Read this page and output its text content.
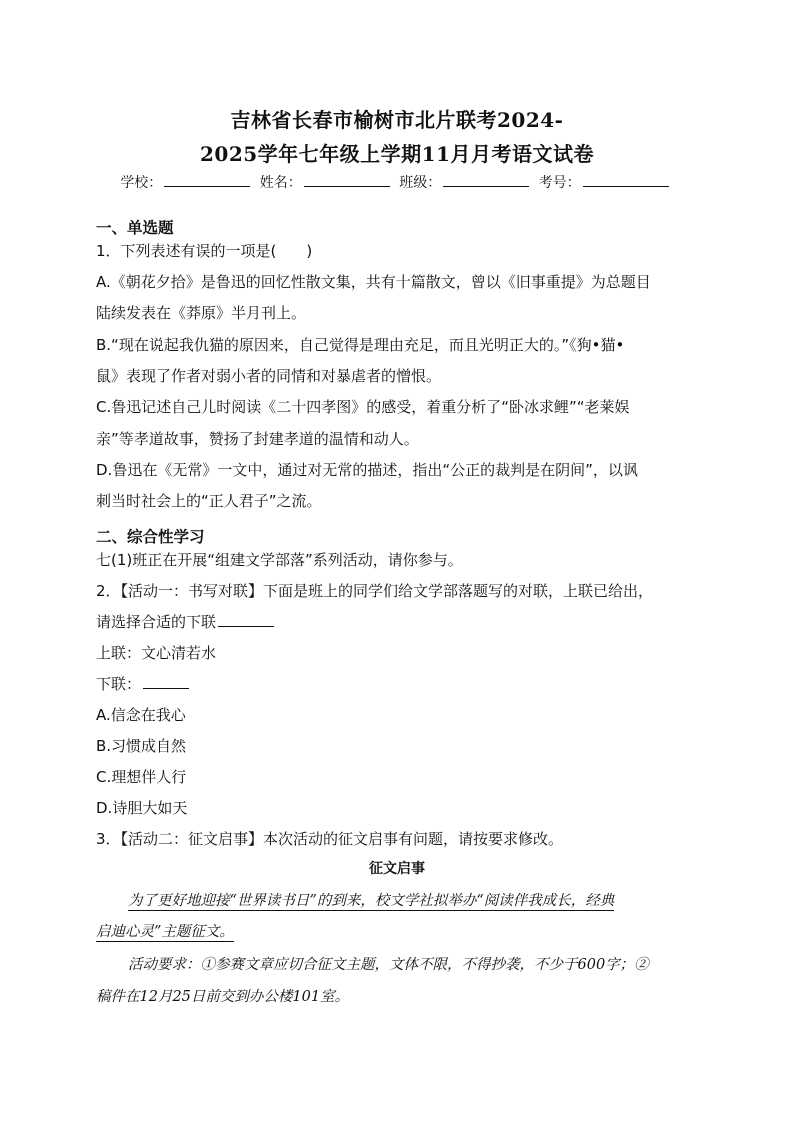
吉林省长春市榆树市北片联考2024-
2025学年七年级上学期11月月考语文试卷
学校：	姓名：	班级：	考号：
一、单选题
1．下列表述有误的一项是(　　)
A.《朝花夕拾》是鲁迅的回忆性散文集，共有十篇散文，曾以《旧事重提》为总题目
陆续发表在《莽原》半月刊上。
B.“现在说起我仇猫的原因来，自己觉得是理由充足，而且光明正大的。”《狗•猫•
鼠》表现了作者对弱小者的同情和对暴虐者的憎恨。
C.鲁迅记述自己儿时阅读《二十四孝图》的感受，着重分析了“卧冰求鲤”“老莱娱
亲”等孝道故事，赞扬了封建孝道的温情和动人。
D.鲁迅在《无常》一文中，通过对无常的描述，指出“公正的裁判是在阴间”，以讽
刺当时社会上的“正人君子”之流。
二、综合性学习
七(1)班正在开展“组建文学部落”系列活动，请你参与。
2．【活动一：书写对联】下面是班上的同学们给文学部落题写的对联，上联已给出，
请选择合适的下联
上联：文心清若水
下联：
A.信念在我心
B.习惯成自然
C.理想伴人行
D.诗胆大如天
3．【活动二：征文启事】本次活动的征文启事有问题，请按要求修改。
征文启事
为了更好地迎接“世界读书日”的到来，校文学社拟举办“阅读伴我成长，经典
启迪心灵”主题征文。
活动要求：①参赛文章应切合征文主题，文体不限，不得抄袭，不少于600字；②
稿件在12月25日前交到办公楼101室。
